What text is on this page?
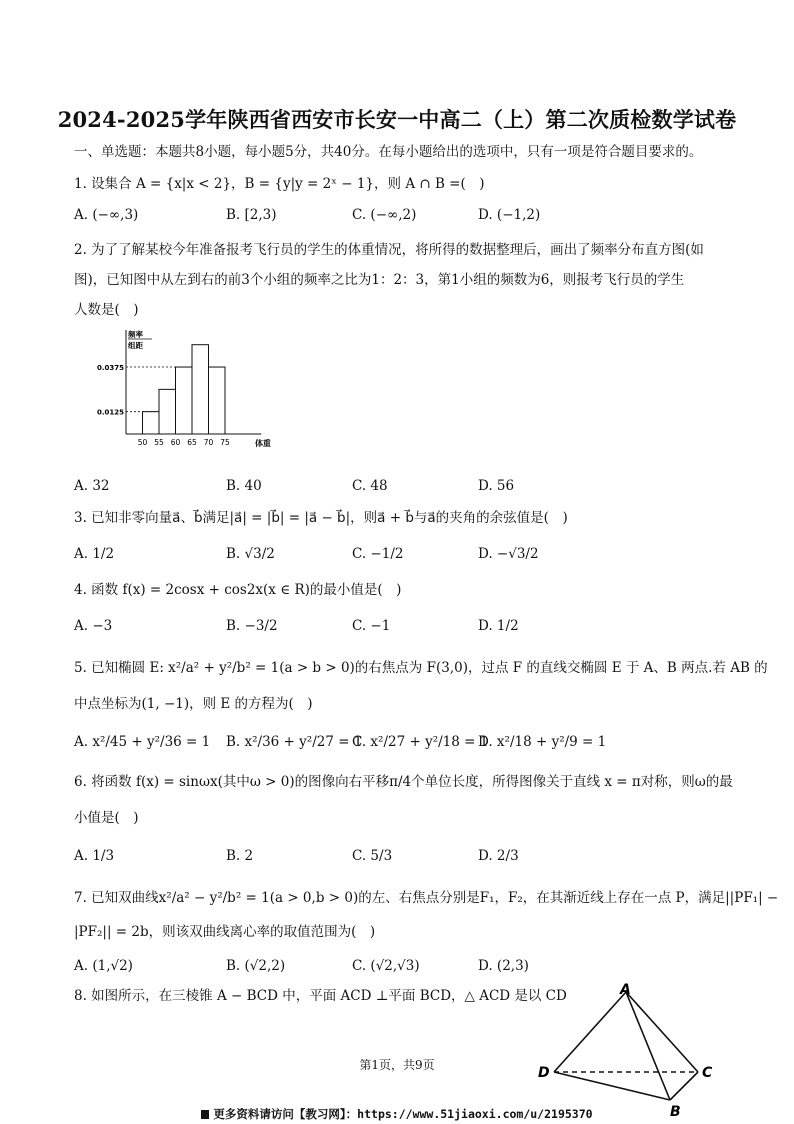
2024-2025学年陕西省西安市长安一中高二（上）第二次质检数学试卷
一、单选题：本题共8小题，每小题5分，共40分。在每小题给出的选项中，只有一项是符合题目要求的。
1. 设集合 A = {x|x < 2}，B = {y|y = 2ˣ − 1}，则 A ∩ B =(　)
A. (−∞,3)	B. [2,3)	C. (−∞,2)	D. (−1,2)
2. 为了了解某校今年准备报考飞行员的学生的体重情况，将所得的数据整理后，画出了频率分布直方图(如
图)，已知图中从左到右的前3个小组的频率之比为1：2：3，第1小组的频数为6，则报考飞行员的学生
人数是(　)
0.0375
0.0125
50 55 60 65 70 75
频率
组距
体重
A. 32	B. 40	C. 48	D. 56
3. 已知非零向量a⃗、b⃗满足|a⃗| = |b⃗| = |a⃗ − b⃗|，则a⃗ + b⃗与a⃗的夹角的余弦值是(　)
A. 1/2	B. √3/2	C. −1/2	D. −√3/2
4. 函数 f(x) = 2cosx + cos2x(x ∈ R)的最小值是(　)
A. −3	B. −3/2	C. −1	D. 1/2
5. 已知椭圆 E: x²/a² + y²/b² = 1(a > b > 0)的右焦点为 F(3,0)，过点 F 的直线交椭圆 E 于 A、B 两点.若 AB 的
中点坐标为(1, −1)，则 E 的方程为(　)
A. x²/45 + y²/36 = 1 B. x²/36 + y²/27 = 1
C. x²/27 + y²/18 = 1
D. x²/18 + y²/9 = 1
6. 将函数 f(x) = sinωx(其中ω > 0)的图像向右平移π/4个单位长度，所得图像关于直线 x = π对称，则ω的最
小值是(　)
A. 1/3	B. 2	C. 5/3	D. 2/3
7. 已知双曲线x²/a² − y²/b² = 1(a > 0,b > 0)的左、右焦点分别是F₁，F₂，在其渐近线上存在一点 P，满足||PF₁| −
|PF₂|| = 2b，则该双曲线离心率的取值范围为(　)
A. (1,√2)	B. (√2,2)	C. (√2,√3)	D. (2,3)
8. 如图所示，在三棱锥 A − BCD 中，平面 ACD ⊥平面 BCD，△ ACD 是以 CD	A
D	C
B
第1页，共9页
更多资料请访问【教习网】：https://www.51jiaoxi.com/u/2195370
